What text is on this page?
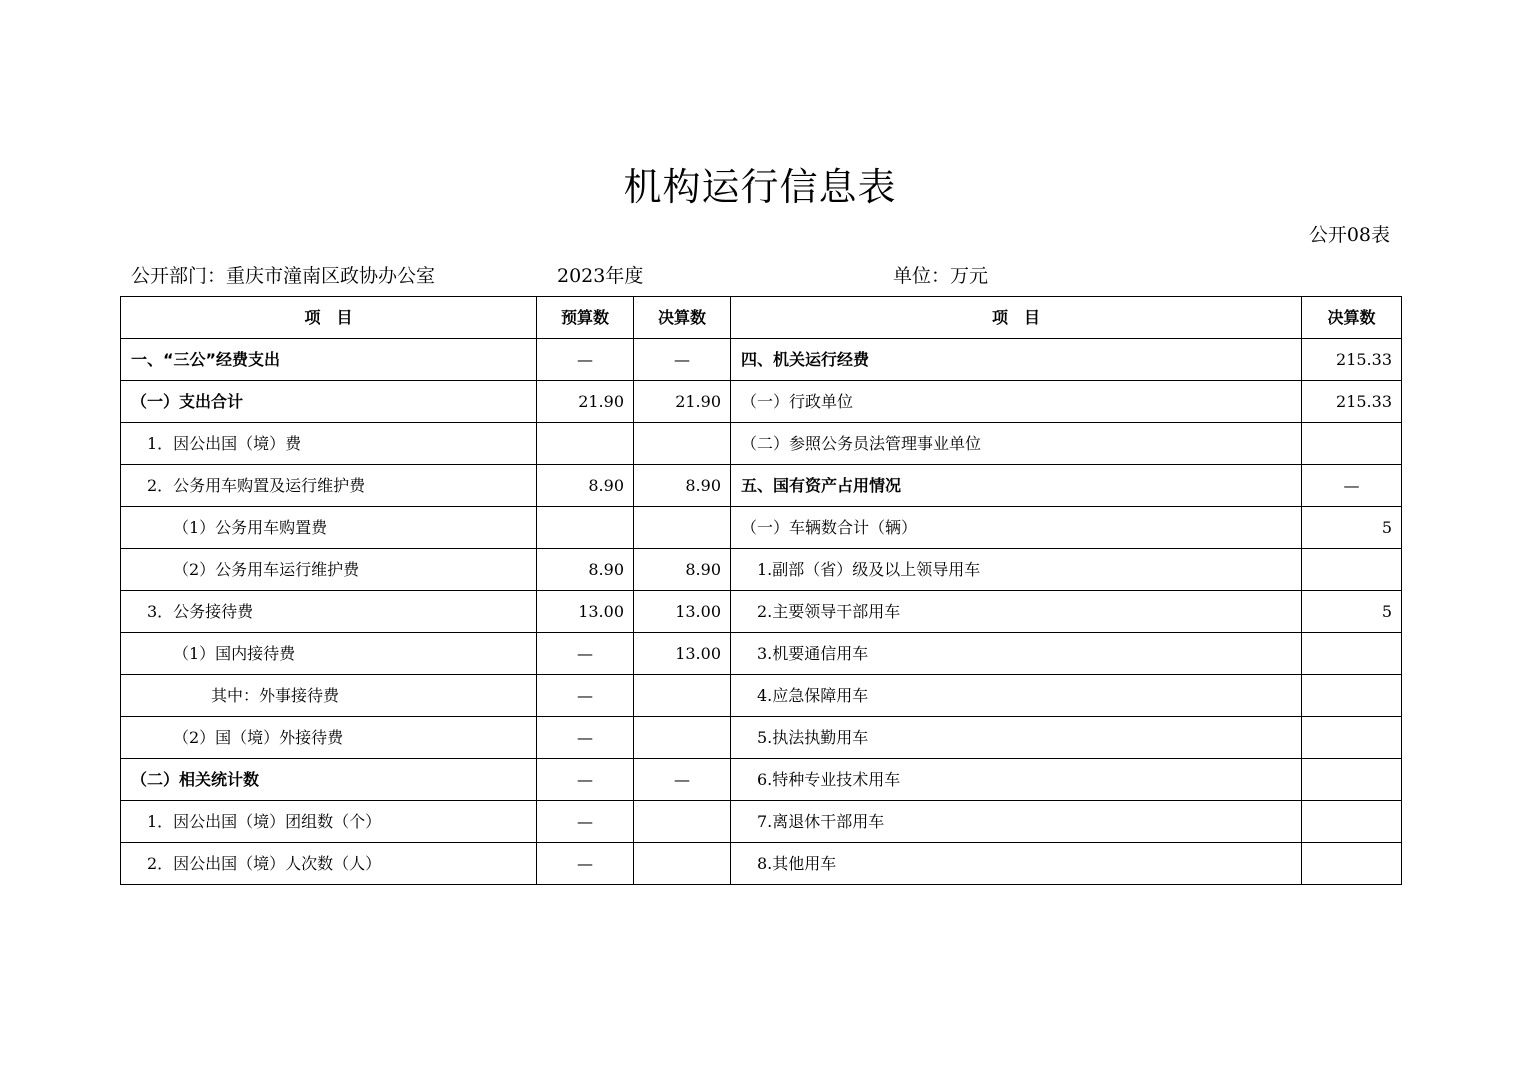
机构运行信息表
公开08表
公开部门：重庆市潼南区政协办公室	2023年度	单位：万元
项　目	预算数	决算数	项　目	决算数
一、“三公”经费支出	—	—	四、机关运行经费	215.33
（一）支出合计	21.90	21.90	（一）行政单位	215.33
1．因公出国（境）费			（二）参照公务员法管理事业单位	
2．公务用车购置及运行维护费	8.90	8.90	五、国有资产占用情况	—
（1）公务用车购置费			（一）车辆数合计（辆）	5
（2）公务用车运行维护费	8.90	8.90	1.副部（省）级及以上领导用车	
3．公务接待费	13.00	13.00	2.主要领导干部用车	5
（1）国内接待费	—	13.00	3.机要通信用车	
其中：外事接待费	—		4.应急保障用车	
（2）国（境）外接待费	—		5.执法执勤用车	
（二）相关统计数	—	—	6.特种专业技术用车	
1．因公出国（境）团组数（个）	—		7.离退休干部用车	
2．因公出国（境）人次数（人）	—		8.其他用车	
